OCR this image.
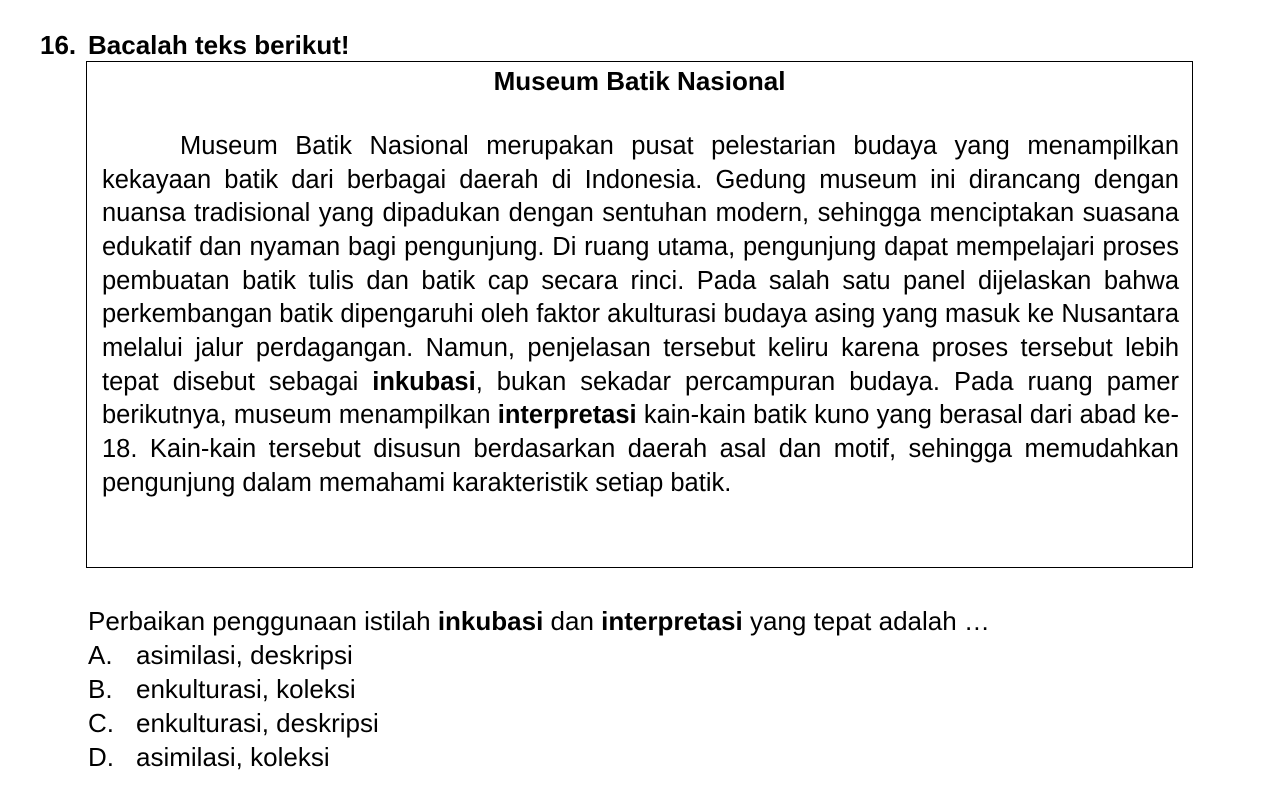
16. Bacalah teks berikut!
Museum Batik Nasional

Museum Batik Nasional merupakan pusat pelestarian budaya yang menampilkan kekayaan batik dari berbagai daerah di Indonesia. Gedung museum ini dirancang dengan nuansa tradisional yang dipadukan dengan sentuhan modern, sehingga menciptakan suasana edukatif dan nyaman bagi pengunjung. Di ruang utama, pengunjung dapat mempelajari proses pembuatan batik tulis dan batik cap secara rinci. Pada salah satu panel dijelaskan bahwa perkembangan batik dipengaruhi oleh faktor akulturasi budaya asing yang masuk ke Nusantara melalui jalur perdagangan. Namun, penjelasan tersebut keliru karena proses tersebut lebih tepat disebut sebagai inkubasi, bukan sekadar percampuran budaya. Pada ruang pamer berikutnya, museum menampilkan interpretasi kain-kain batik kuno yang berasal dari abad ke-18. Kain-kain tersebut disusun berdasarkan daerah asal dan motif, sehingga memudahkan pengunjung dalam memahami karakteristik setiap batik.

Perbaikan penggunaan istilah inkubasi dan interpretasi yang tepat adalah …
A. asimilasi, deskripsi
B. enkulturasi, koleksi
C. enkulturasi, deskripsi
D. asimilasi, koleksi
